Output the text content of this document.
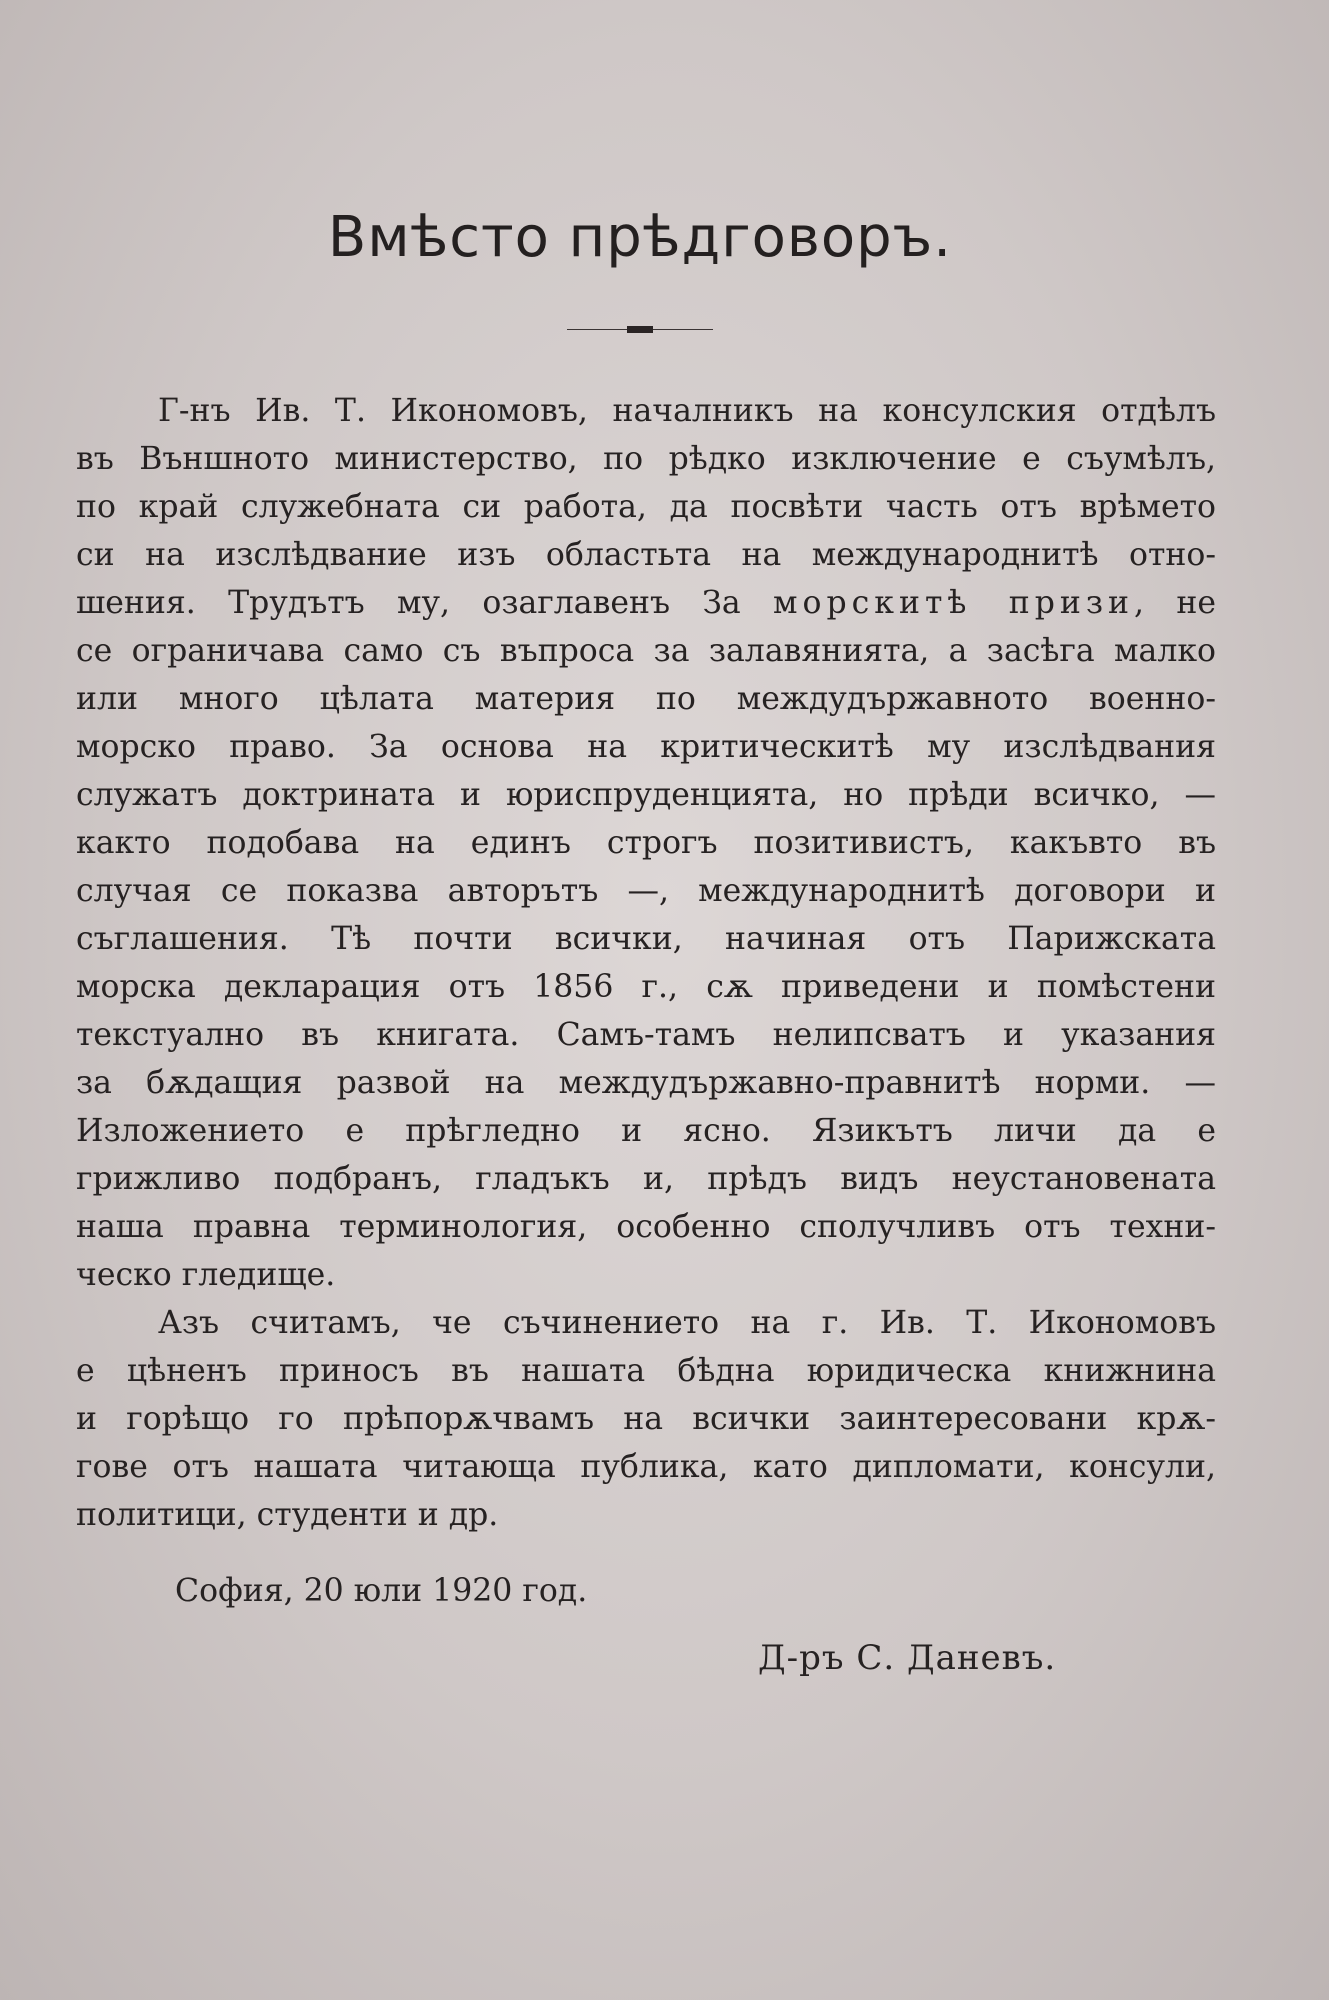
Вмѣсто прѣдговоръ.
Г-нъ Ив. Т. Икономовъ, началникъ на консулския отдѣлъ
въ Външното министерство, по рѣдко изключение е съумѣлъ,
по край служебната си работа, да посвѣти часть отъ врѣмето
си на изслѣдвание изъ областьта на международнитѣ отно-
шения. Трудътъ му, озаглавенъ За морскитѣ призи, не
се ограничава само съ въпроса за залавянията, а засѣга малко
или много цѣлата материя по междудържавното военно-
морско право. За основа на критическитѣ му изслѣдвания
служатъ доктрината и юриспруденцията, но прѣди всичко, —
както подобава на единъ строгъ позитивистъ, какъвто въ
случая се показва авторътъ —, международнитѣ договори и
съглашения. Тѣ почти всички, начиная отъ Парижската
морска декларация отъ 1856 г., сѫ приведени и помѣстени
текстуално въ книгата. Самъ-тамъ нелипсватъ и указания
за бѫдащия развой на междудържавно-правнитѣ норми. —
Изложението е прѣгледно и ясно. Язикътъ личи да е
грижливо подбранъ, гладъкъ и, прѣдъ видъ неустановената
наша правна терминология, особенно сполучливъ отъ техни-
ческо гледище.
Азъ считамъ, че съчинението на г. Ив. Т. Икономовъ
е цѣненъ приносъ въ нашата бѣдна юридическа книжнина
и горѣщо го прѣпорѫчвамъ на всички заинтересовани крѫ-
гове отъ нашата читающа публика, като дипломати, консули,
политици, студенти и др.

София, 20 юли 1920 год.

Д-ръ С. Даневъ.
